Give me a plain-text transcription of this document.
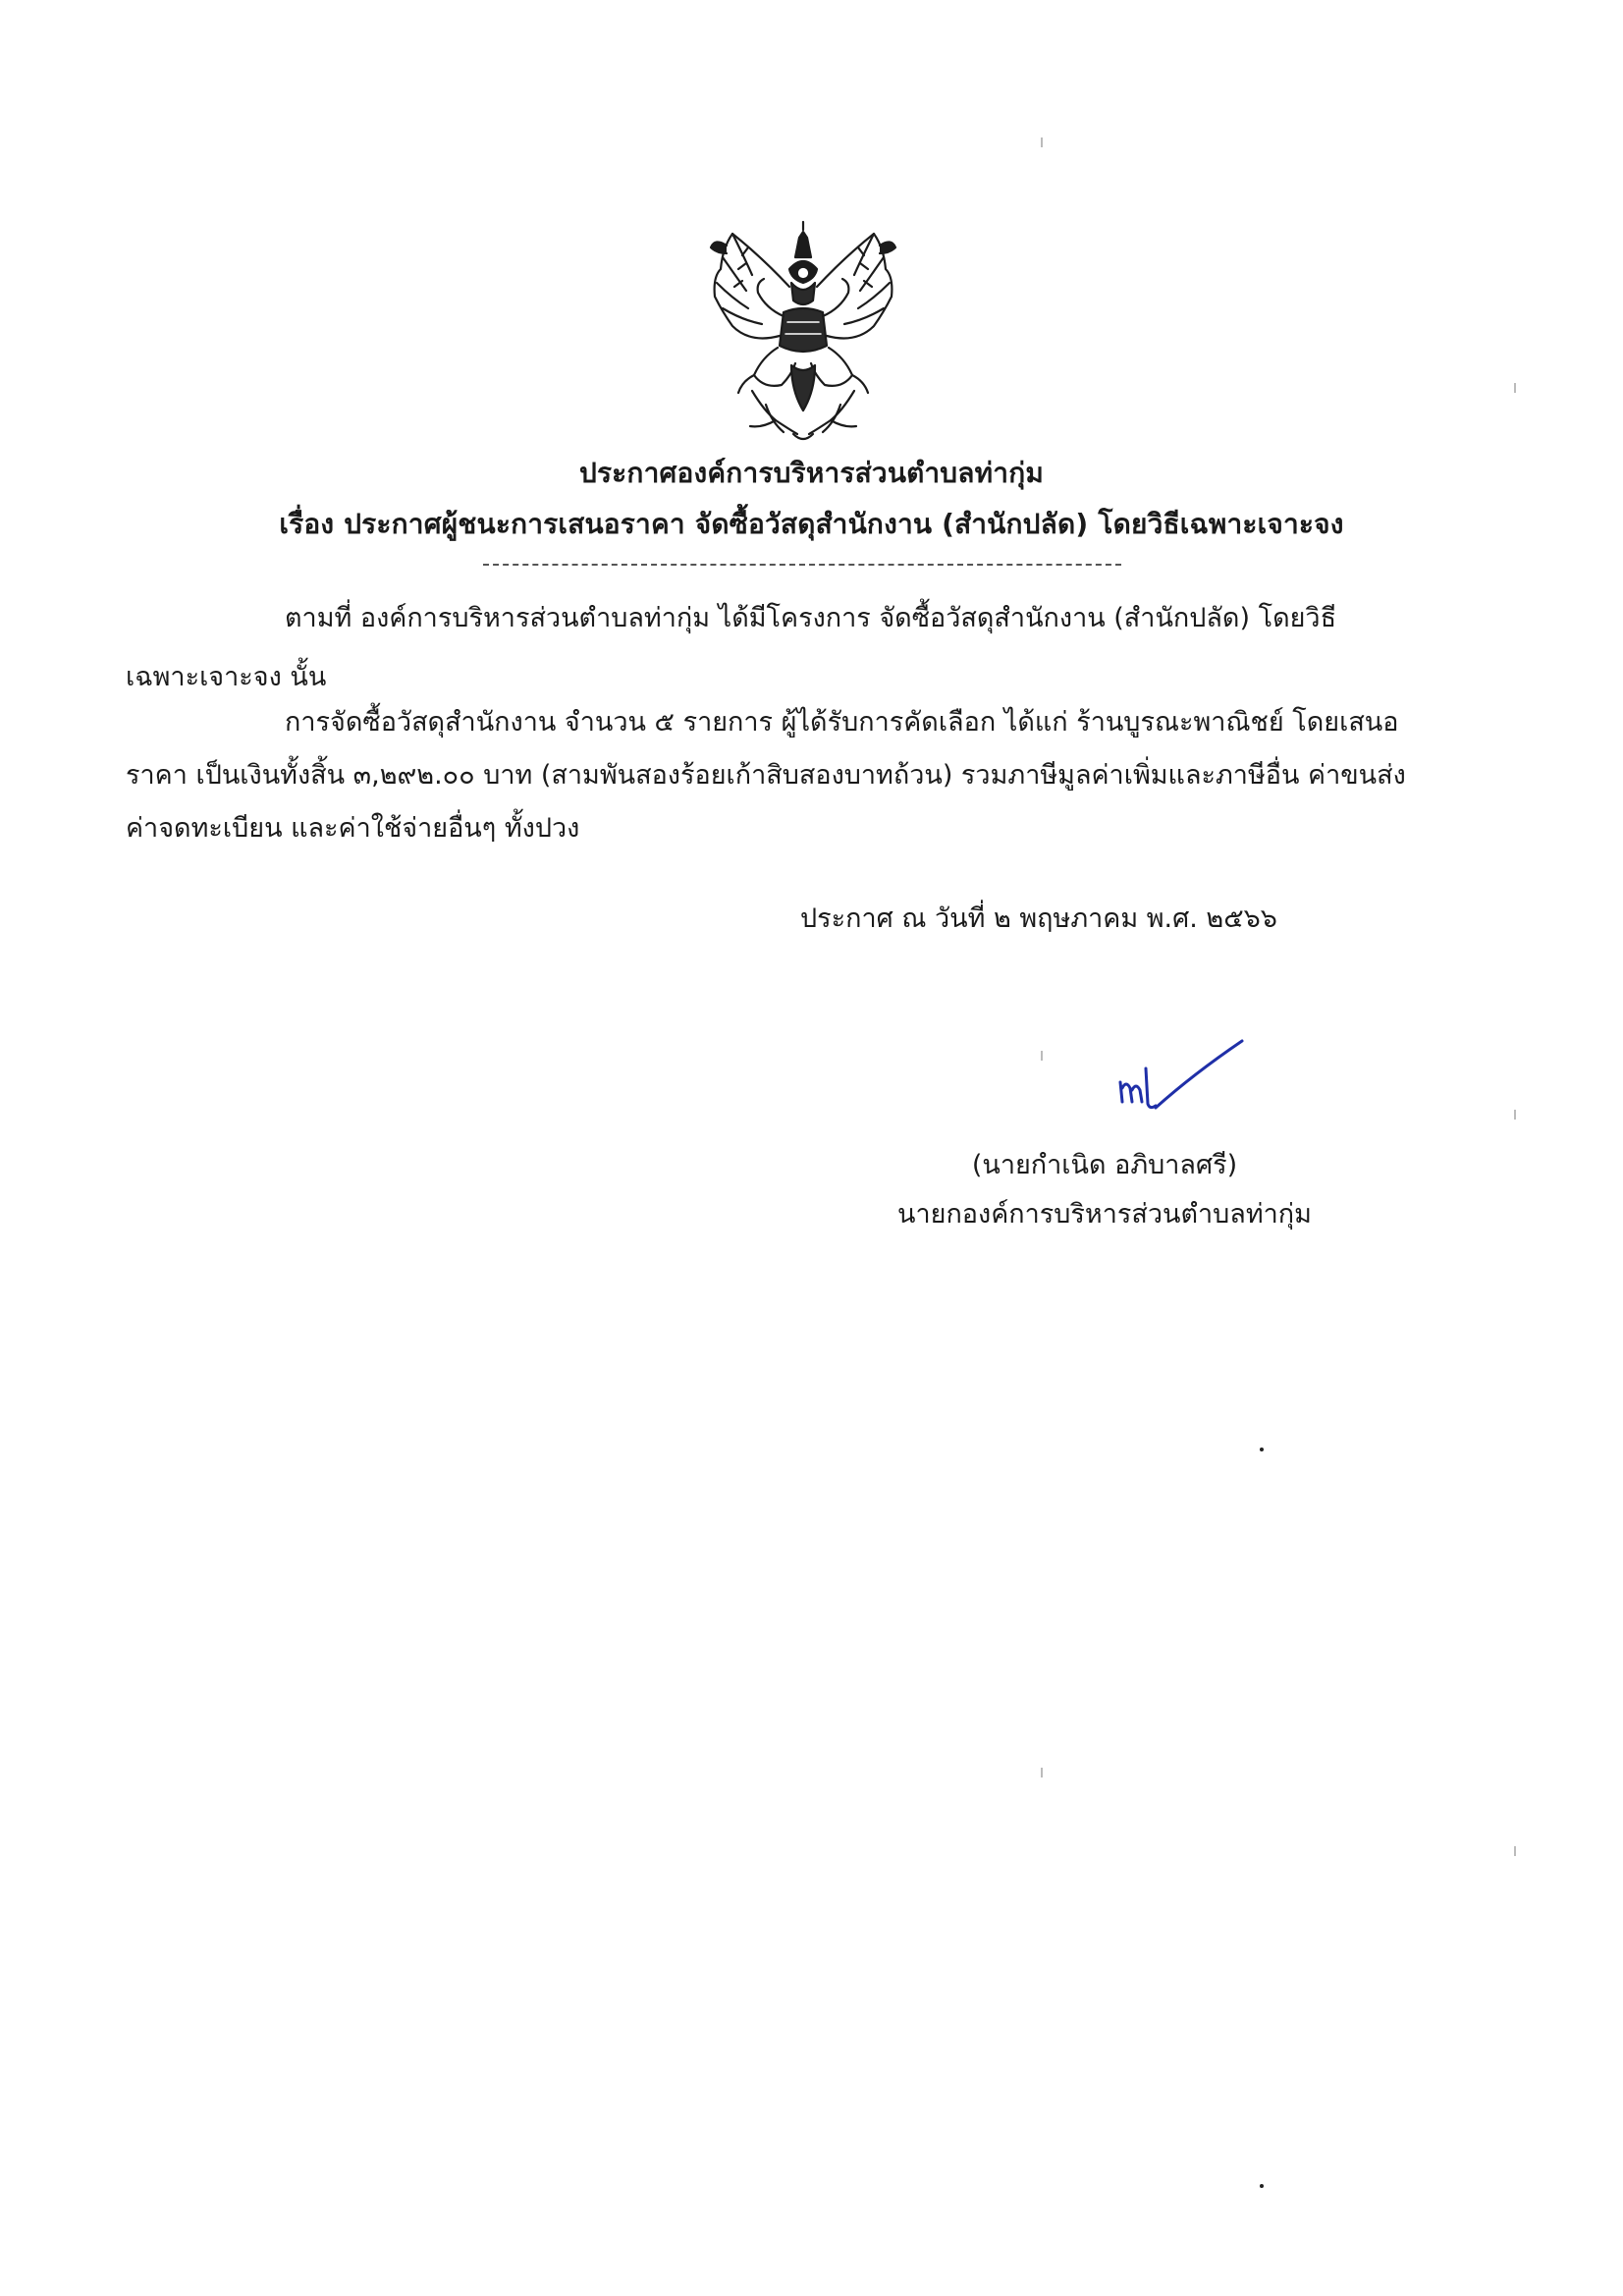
ประกาศองค์การบริหารส่วนตำบลท่ากุ่ม
เรื่อง ประกาศผู้ชนะการเสนอราคา จัดซื้อวัสดุสำนักงาน (สำนักปลัด) โดยวิธีเฉพาะเจาะจง
ตามที่ องค์การบริหารส่วนตำบลท่ากุ่ม ได้มีโครงการ จัดซื้อวัสดุสำนักงาน (สำนักปลัด) โดยวิธี
เฉพาะเจาะจง นั้น
การจัดซื้อวัสดุสำนักงาน จำนวน ๕ รายการ ผู้ได้รับการคัดเลือก ได้แก่ ร้านบูรณะพาณิชย์ โดยเสนอ
ราคา เป็นเงินทั้งสิ้น ๓,๒๙๒.๐๐ บาท (สามพันสองร้อยเก้าสิบสองบาทถ้วน) รวมภาษีมูลค่าเพิ่มและภาษีอื่น ค่าขนส่ง
ค่าจดทะเบียน และค่าใช้จ่ายอื่นๆ ทั้งปวง
ประกาศ ณ วันที่ ๒ พฤษภาคม พ.ศ. ๒๕๖๖
(นายกำเนิด อภิบาลศรี)
นายกองค์การบริหารส่วนตำบลท่ากุ่ม
